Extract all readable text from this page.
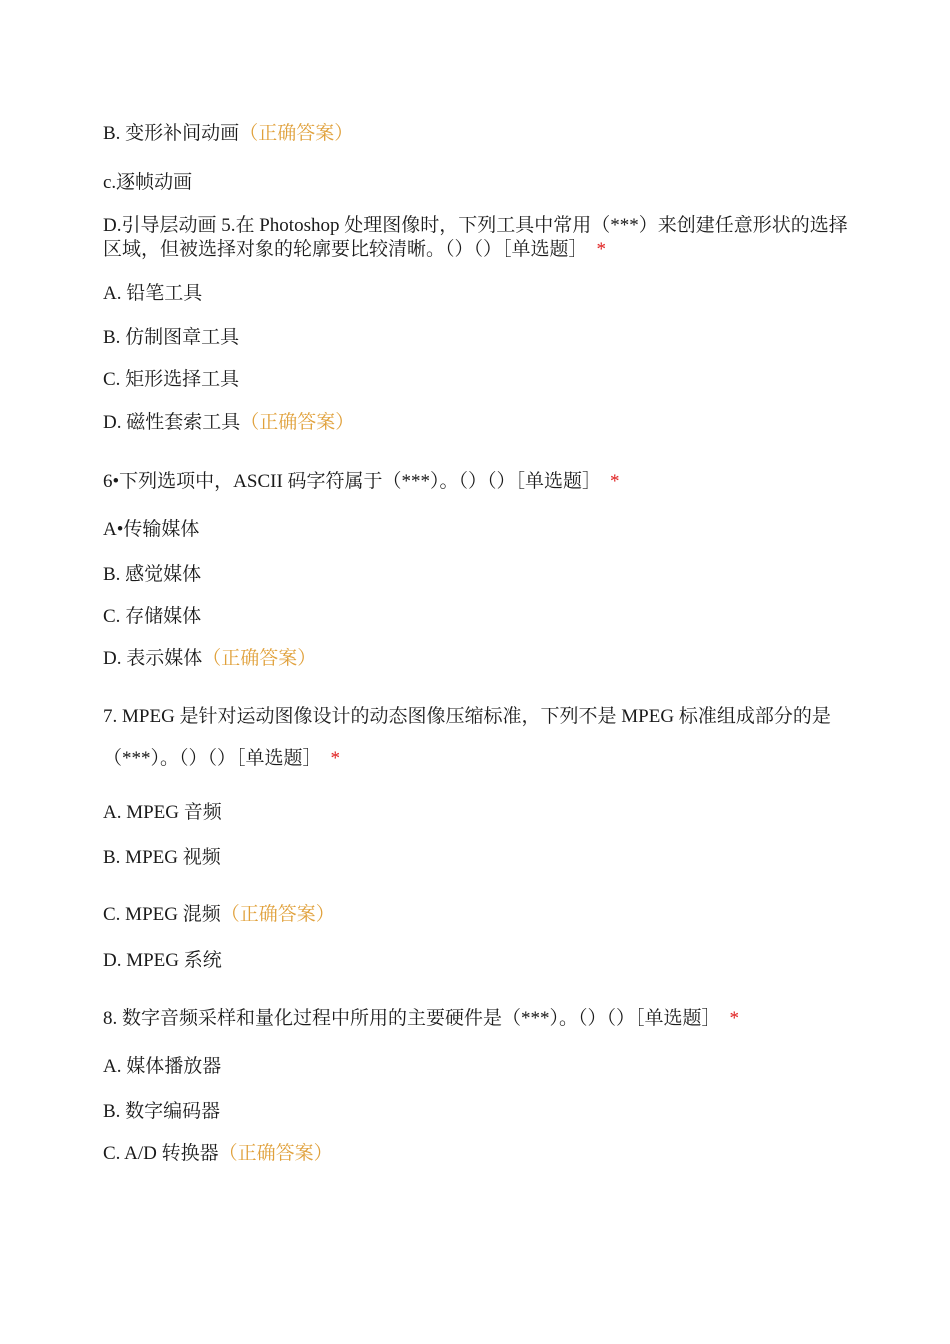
B. 变形补间动画（正确答案）
c.逐帧动画
D.引导层动画 5.在 Photoshop 处理图像时，下列工具中常用（***）来创建任意形状的选择区域，但被选择对象的轮廓要比较清晰。（）（）［单选题］ *
A. 铅笔工具
B. 仿制图章工具
C. 矩形选择工具
D. 磁性套索工具（正确答案）
6•下列选项中，ASCII 码字符属于（***）。（）（）［单选题］ *
A•传输媒体
B. 感觉媒体
C. 存储媒体
D. 表示媒体（正确答案）
7. MPEG 是针对运动图像设计的动态图像压缩标准，下列不是 MPEG 标准组成部分的是（***）。（）（）［单选题］ *
A. MPEG 音频
B. MPEG 视频
C. MPEG 混频（正确答案）
D. MPEG 系统
8. 数字音频采样和量化过程中所用的主要硬件是（***）。（）（）［单选题］ *
A. 媒体播放器
B. 数字编码器
C. A/D 转换器（正确答案）
